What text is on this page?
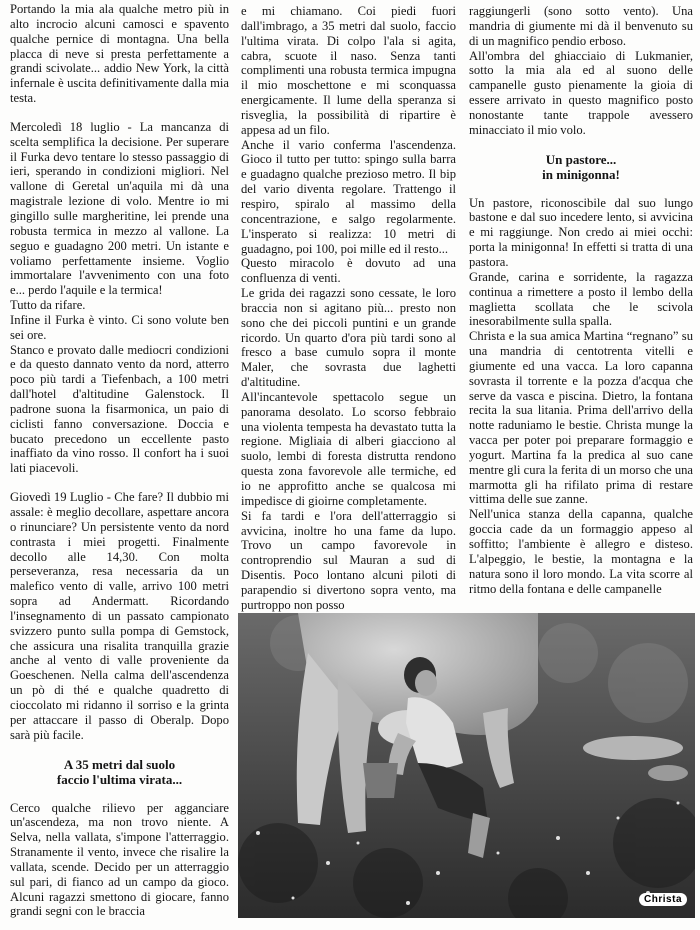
Portando la mia ala qualche metro più in alto incrocio alcuni camosci e spavento qualche pernice di montagna. Una bella placca di neve si presta perfettamente a grandi scivolate... addio New York, la città infernale è uscita definitivamente dalla mia testa.

Mercoledì 18 luglio - La mancanza di scelta semplifica la decisione. Per superare il Furka devo tentare lo stesso passaggio di ieri, sperando in condizioni migliori. Nel vallone di Geretal un'aquila mi dà una magistrale lezione di volo. Mentre io mi gingillo sulle margheritine, lei prende una robusta termica in mezzo al vallone. La seguo e guadagno 200 metri. Un istante e voliamo perfettamente insieme. Voglio immortalare l'avvenimento con una foto e... perdo l'aquile e la termica!

Tutto da rifare.

Infine il Furka è vinto. Ci sono volute ben sei ore.

Stanco e provato dalle mediocri condizioni e da questo dannato vento da nord, atterro poco più tardi a Tiefenbach, a 100 metri dall'hotel d'altitudine Galenstock. Il padrone suona la fisarmonica, un paio di ciclisti fanno conversazione. Doccia e bucato precedono un eccellente pasto inaffiato da vino rosso. Il confort ha i suoi lati piacevoli.

Giovedì 19 Luglio - Che fare? Il dubbio mi assale: è meglio decollare, aspettare ancora o rinunciare? Un persistente vento da nord contrasta i miei progetti. Finalmente decollo alle 14,30. Con molta perseveranza, resa necessaria da un malefico vento di valle, arrivo 100 metri sopra ad Andermatt. Ricordando l'insegnamento di un passato campionato svizzero punto sulla pompa di Gemstock, che assicura una risalita tranquilla grazie anche al vento di valle proveniente da Goeschenen. Nella calma dell'ascendenza un pò di thé e qualche quadretto di cioccolato mi ridanno il sorriso e la grinta per attaccare il passo di Oberalp. Dopo sarà più facile.

A 35 metri dal suolo
faccio l'ultima virata...

Cerco qualche rilievo per agganciare un'ascendeza, ma non trovo niente. A Selva, nella vallata, s'impone l'atterraggio. Stranamente il vento, invece che risalire la vallata, scende. Decido per un atterraggio sul pari, di fianco ad un campo da gioco. Alcuni ragazzi smettono di giocare, fanno grandi segni con le braccia

e mi chiamano. Coi piedi fuori dall'imbrago, a 35 metri dal suolo, faccio l'ultima virata. Di colpo l'ala si agita, cabra, scuote il naso. Senza tanti complimenti una robusta termica impugna il mio moschettone e mi sconquassa energicamente. Il lume della speranza si risveglia, la possibilità di ripartire è appesa ad un filo.

Anche il vario conferma l'ascendenza. Gioco il tutto per tutto: spingo sulla barra e guadagno qualche prezioso metro. Il bip del vario diventa regolare. Trattengo il respiro, spiralo al massimo della concentrazione, e salgo regolarmente. L'insperato si realizza: 10 metri di guadagno, poi 100, poi mille ed il resto...

Questo miracolo è dovuto ad una confluenza di venti.

Le grida dei ragazzi sono cessate, le loro braccia non si agitano più... presto non sono che dei piccoli puntini e un grande ricordo. Un quarto d'ora più tardi sono al fresco a base cumulo sopra il monte Maler, che sovrasta due laghetti d'altitudine.

All'incantevole spettacolo segue un panorama desolato. Lo scorso febbraio una violenta tempesta ha devastato tutta la regione. Migliaia di alberi giacciono al suolo, lembi di foresta distrutta rendono questa zona favorevole alle termiche, ed io ne approfitto anche se qualcosa mi impedisce di gioirne completamente.

Si fa tardi e l'ora dell'atterraggio si avvicina, inoltre ho una fame da lupo. Trovo un campo favorevole in controprendio sul Mauran a sud di Disentis. Poco lontano alcuni piloti di parapendio si divertono sopra vento, ma purtroppo non posso

raggiungerli (sono sotto vento). Una mandria di giumente mi dà il benvenuto su di un magnifico pendio erboso.

All'ombra del ghiacciaio di Lukmanier, sotto la mia ala ed al suono delle campanelle gusto pienamente la gioia di essere arrivato in questo magnifico posto nonostante tante trappole avessero minacciato il mio volo.

Un pastore...
in minigonna!

Un pastore, riconoscibile dal suo lungo bastone e dal suo incedere lento, si avvicina e mi raggiunge. Non credo ai miei occhi: porta la minigonna! In effetti si tratta di una pastora.

Grande, carina e sorridente, la ragazza continua a rimettere a posto il lembo della maglietta scollata che le scivola inesorabilmente sulla spalla.

Christa e la sua amica Martina “regnano” su una mandria di centotrenta vitelli e giumente ed una vacca. La loro capanna sovrasta il torrente e la pozza d'acqua che serve da vasca e piscina. Dietro, la fontana recita la sua litania. Prima dell'arrivo della notte raduniamo le bestie. Christa munge la vacca per poter poi preparare formaggio e yogurt. Martina fa la predica al suo cane mentre gli cura la ferita di un morso che una marmotta gli ha rifilato prima di restare vittima delle sue zanne.

Nell'unica stanza della capanna, qualche goccia cade da un formaggio appeso al soffitto; l'ambiente è allegro e disteso. L'alpeggio, le bestie, la montagna e la natura sono il loro mondo. La vita scorre al ritmo della fontana e delle campanelle

Christa
